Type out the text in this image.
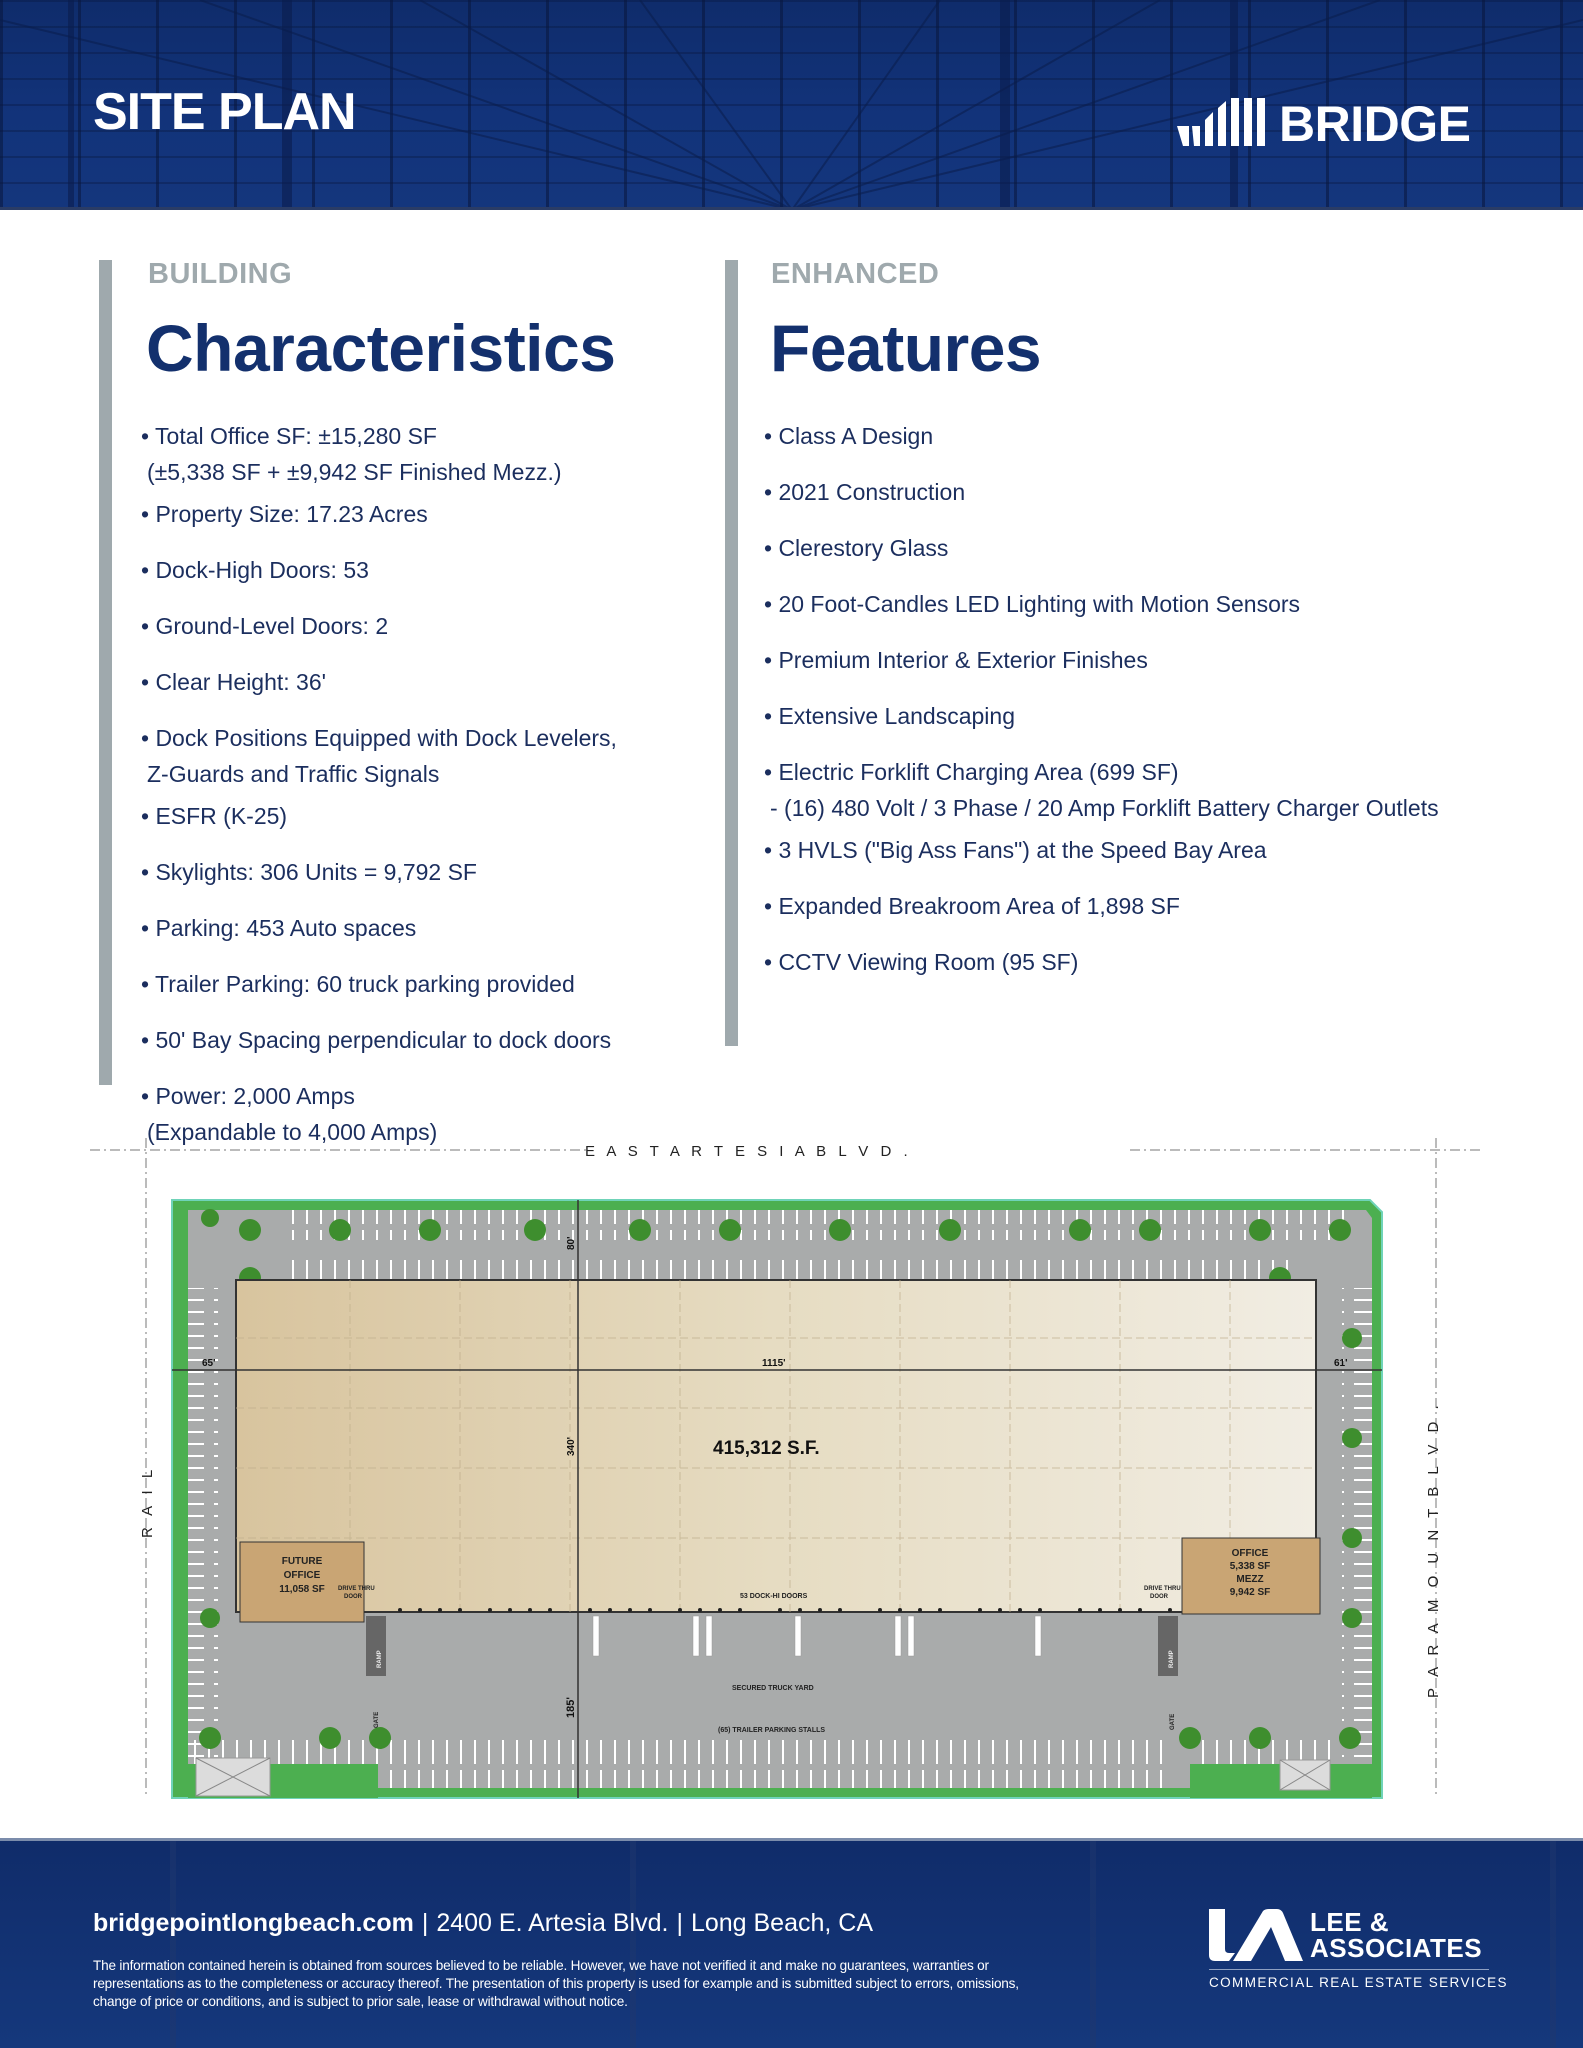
SITE PLAN	BRIDGE
BUILDING
Characteristics
• Total Office SF: ±15,280 SF
(±5,338 SF + ±9,942 SF Finished Mezz.)
• Property Size: 17.23 Acres
• Dock-High Doors: 53
• Ground-Level Doors: 2
• Clear Height: 36'
• Dock Positions Equipped with Dock Levelers,
Z-Guards and Traffic Signals
• ESFR (K-25)
• Skylights: 306 Units = 9,792 SF
• Parking: 453 Auto spaces
• Trailer Parking: 60 truck parking provided
• 50' Bay Spacing perpendicular to dock doors
• Power: 2,000 Amps
(Expandable to 4,000 Amps)
ENHANCED
Features
• Class A Design
• 2021 Construction
• Clerestory Glass
• 20 Foot-Candles LED Lighting with Motion Sensors
• Premium Interior & Exterior Finishes
• Extensive Landscaping
• Electric Forklift Charging Area (699 SF)
- (16) 480 Volt / 3 Phase / 20 Amp Forklift Battery Charger Outlets
• 3 HVLS ("Big Ass Fans") at the Speed Bay Area
• Expanded Breakroom Area of 1,898 SF
• CCTV Viewing Room (95 SF)
E A S T A R T E S I A B L V D .
P A R A M O U N T B L V D .
R A I L
65'	1115'	61'
80'
340'
185'
415,312 S.F.
53 DOCK-HI DOORS
SECURED TRUCK YARD
(65) TRAILER PARKING STALLS
FUTURE
OFFICE
11,058 SF DRIVE THRU
DOOR
RAMP
GATE
OFFICE
5,338 SF
MEZZ
9,942 SF
DRIVE THRU
DOOR
RAMP
GATE
bridgepointlongbeach.com | 2400 E. Artesia Blvd. | Long Beach, CA
The information contained herein is obtained from sources believed to be reliable. However, we have not verified it and make no guarantees, warranties or representations as to the completeness or accuracy thereof. The presentation of this property is used for example and is submitted subject to errors, omissions, change of price or conditions, and is subject to prior sale, lease or withdrawal without notice.
LEE &
ASSOCIATES
COMMERCIAL REAL ESTATE SERVICES
